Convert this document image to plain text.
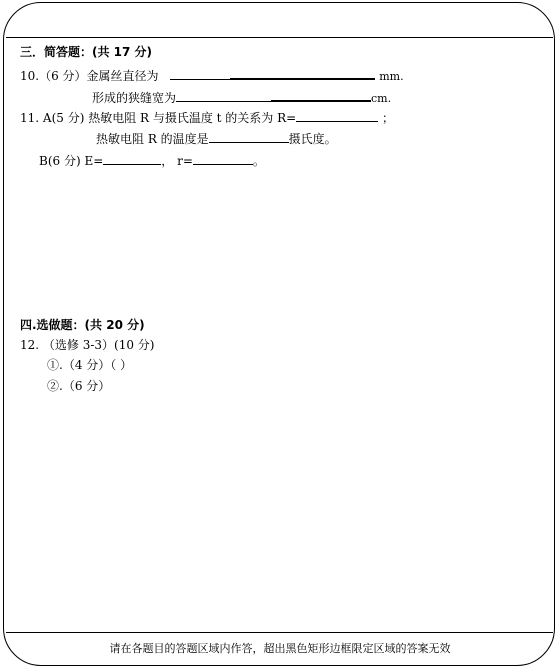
三．简答题：(共 17 分)
10.（6 分）金属丝直径为	mm.
形成的狭缝宽为	cm.
11. A(5 分) 热敏电阻 R 与摄氏温度 t 的关系为 R=	；
热敏电阻 R 的温度是	摄氏度。
B(6 分) E=	， r=	。
四.选做题：(共 20 分)
12. （选修 3-3）(10 分)
①.（4 分）（ ）
②.（6 分）
请在各题目的答题区域内作答，超出黑色矩形边框限定区域的答案无效
